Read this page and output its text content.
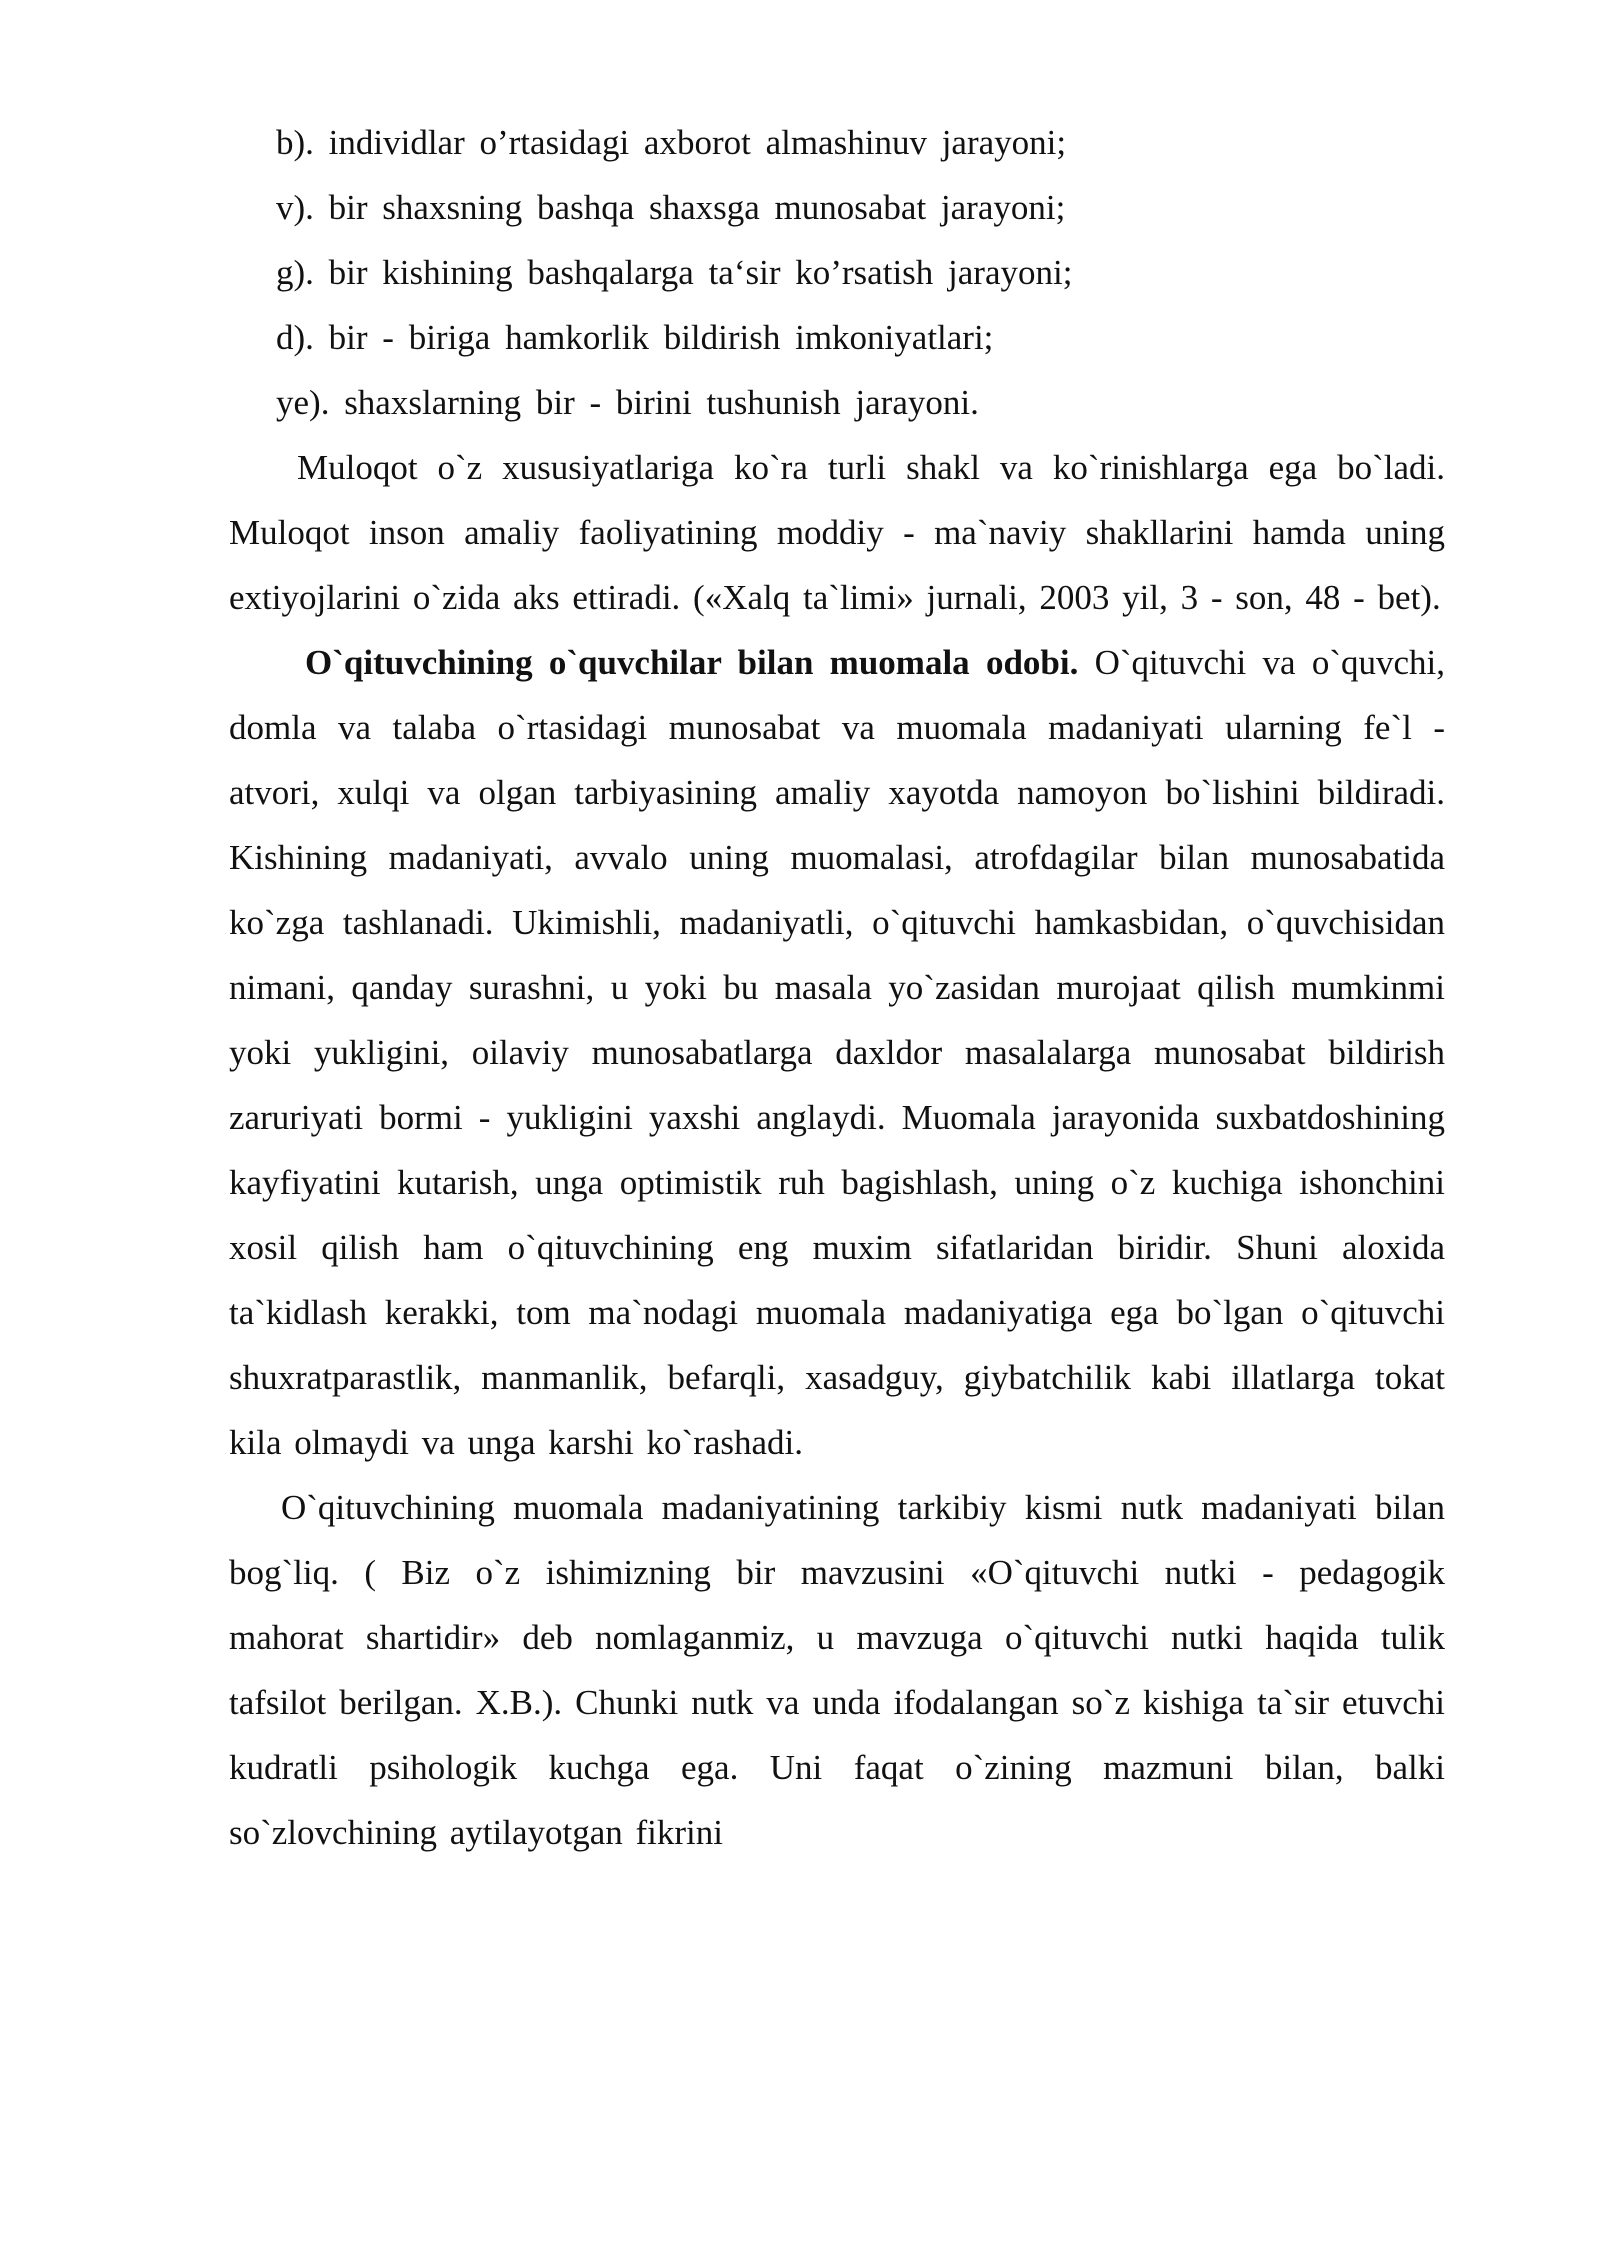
b). individlar o’rtasidagi axborot almashinuv jarayoni;

v). bir shaxsning bashqa shaxsga munosabat jarayoni;

g). bir kishining bashqalarga ta‘sir ko’rsatish jarayoni;

d). bir - biriga hamkorlik bildirish imkoniyatlari;

ye). shaxslarning bir - birini tushunish jarayoni.

Muloqot o`z xususiyatlariga ko`ra turli shakl va ko`rinishlarga ega bo`ladi. Muloqot inson amaliy faoliyatining moddiy - ma`naviy shakllarini hamda uning extiyojlarini o`zida aks ettiradi. («Xalq ta`limi» jurnali, 2003 yil, 3 - son, 48 - bet).

O`qituvchining o`quvchilar bilan muomala odobi. O`qituvchi va o`quvchi, domla va talaba o`rtasidagi munosabat va muomala madaniyati ularning fe`l - atvori, xulqi va olgan tarbiyasining amaliy xayotda namoyon bo`lishini bildiradi. Kishining madaniyati, avvalo uning muomalasi, atrofdagilar bilan munosabatida ko`zga tashlanadi. Ukimishli, madaniyatli, o`qituvchi hamkasbidan, o`quvchisidan nimani, qanday surashni, u yoki bu masala yo`zasidan murojaat qilish mumkinmi yoki yukligini, oilaviy munosabatlarga daxldor masalalarga munosabat bildirish zaruriyati bormi - yukligini yaxshi anglaydi. Muomala jarayonida suxbatdoshining kayfiyatini kutarish, unga optimistik ruh bagishlash, uning o`z kuchiga ishonchini xosil qilish ham o`qituvchining eng muxim sifatlaridan biridir. Shuni aloxida ta`kidlash kerakki, tom ma`nodagi muomala madaniyatiga ega bo`lgan o`qituvchi shuxratparastlik, manmanlik, befarqli, xasadguy, giybatchilik kabi illatlarga tokat kila olmaydi va unga karshi ko`rashadi.

O`qituvchining muomala madaniyatining tarkibiy kismi nutk madaniyati bilan bog`liq. ( Biz o`z ishimizning bir mavzusini «O`qituvchi nutki - pedagogik mahorat shartidir» deb nomlaganmiz, u mavzuga o`qituvchi nutki haqida tulik tafsilot berilgan. X.B.). Chunki nutk va unda ifodalangan so`z kishiga ta`sir etuvchi kudratli psihologik kuchga ega. Uni faqat o`zining mazmuni bilan, balki so`zlovchining aytilayotgan fikrini
